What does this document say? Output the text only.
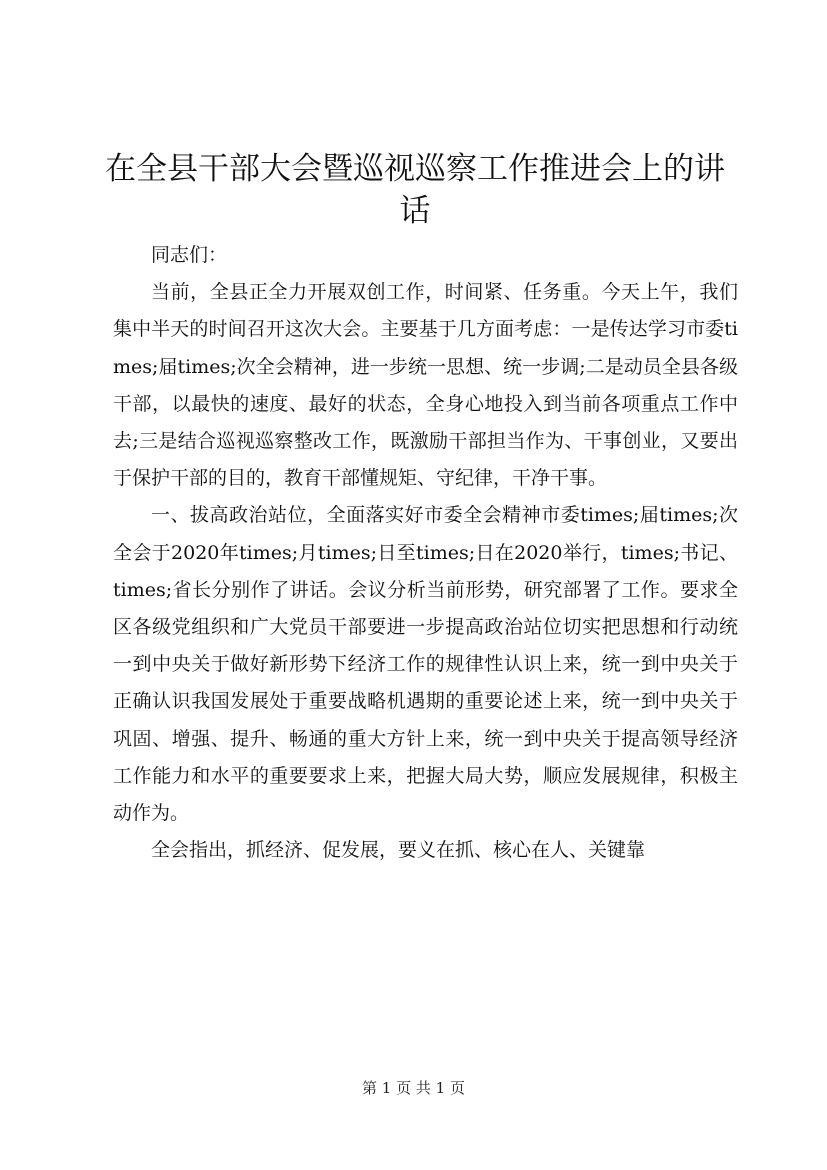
在全县干部大会暨巡视巡察工作推进会上的讲话

同志们：

当前，全县正全力开展双创工作，时间紧、任务重。今天上午，我们集中半天的时间召开这次大会。主要基于几方面考虑：一是传达学习市委times;届times;次全会精神，进一步统一思想、统一步调;二是动员全县各级干部，以最快的速度、最好的状态，全身心地投入到当前各项重点工作中去;三是结合巡视巡察整改工作，既激励干部担当作为、干事创业，又要出于保护干部的目的，教育干部懂规矩、守纪律，干净干事。

一、拔高政治站位，全面落实好市委全会精神市委times;届times;次全会于2020年times;月times;日至times;日在2020举行，times;书记、times;省长分别作了讲话。会议分析当前形势，研究部署了工作。要求全区各级党组织和广大党员干部要进一步提高政治站位切实把思想和行动统一到中央关于做好新形势下经济工作的规律性认识上来，统一到中央关于正确认识我国发展处于重要战略机遇期的重要论述上来，统一到中央关于巩固、增强、提升、畅通的重大方针上来，统一到中央关于提高领导经济工作能力和水平的重要要求上来，把握大局大势，顺应发展规律，积极主动作为。

全会指出，抓经济、促发展，要义在抓、核心在人、关键靠

第 1 页 共 1 页
